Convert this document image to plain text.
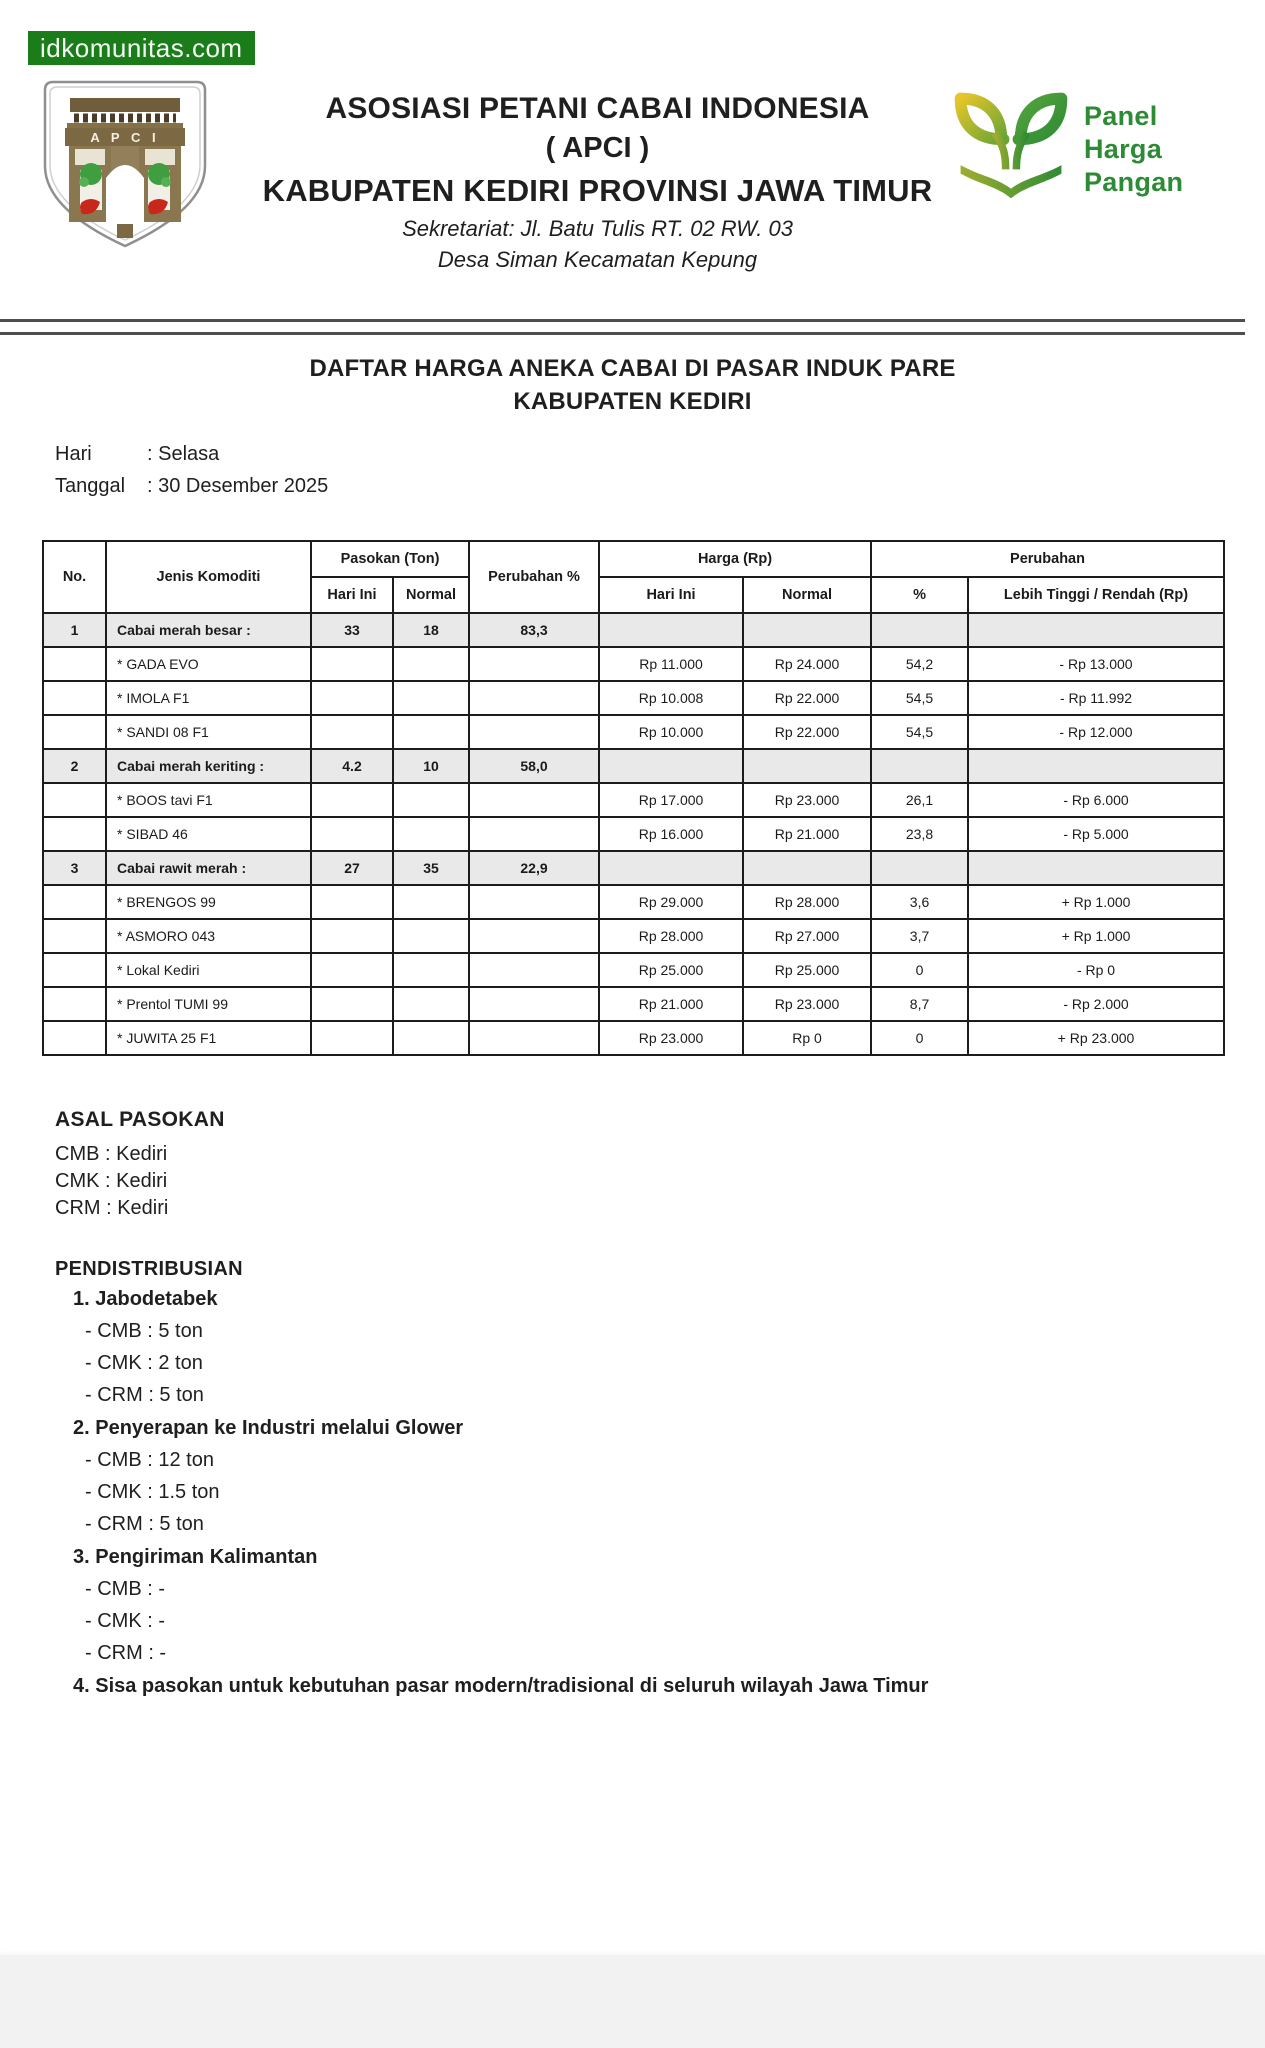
idkomunitas.com
A P C I
ASOSIASI PETANI CABAI INDONESIA
( APCI )
KABUPATEN KEDIRI PROVINSI JAWA TIMUR
Sekretariat: Jl. Batu Tulis RT. 02 RW. 03
Desa Siman Kecamatan Kepung
Panel
Harga
Pangan
DAFTAR HARGA ANEKA CABAI DI PASAR INDUK PARE
KABUPATEN KEDIRI
Hari	: Selasa
Tanggal : 30 Desember 2025
No.	Jenis Komoditi	Pasokan (Ton)		Perubahan %	Harga (Rp)		Perubahan	
		Hari Ini	Normal		Hari Ini	Normal	%	Lebih Tinggi / Rendah (Rp)
1	Cabai merah besar :	33	18	83,3				
	* GADA EVO				Rp 11.000	Rp 24.000	54,2	- Rp 13.000
	* IMOLA F1				Rp 10.008	Rp 22.000	54,5	- Rp 11.992
	* SANDI 08 F1				Rp 10.000	Rp 22.000	54,5	- Rp 12.000
2	Cabai merah keriting :	4.2	10	58,0				
	* BOOS tavi F1				Rp 17.000	Rp 23.000	26,1	- Rp 6.000
	* SIBAD 46				Rp 16.000	Rp 21.000	23,8	- Rp 5.000
3	Cabai rawit merah :	27	35	22,9				
	* BRENGOS 99				Rp 29.000	Rp 28.000	3,6	+ Rp 1.000
	* ASMORO 043				Rp 28.000	Rp 27.000	3,7	+ Rp 1.000
	* Lokal Kediri				Rp 25.000	Rp 25.000	0	- Rp 0
	* Prentol TUMI 99				Rp 21.000	Rp 23.000	8,7	- Rp 2.000
	* JUWITA 25 F1				Rp 23.000	Rp 0	0	+ Rp 23.000
ASAL PASOKAN
CMB : Kediri
CMK : Kediri
CRM : Kediri
PENDISTRIBUSIAN
1. Jabodetabek
- CMB : 5 ton
- CMK : 2 ton
- CRM : 5 ton
2. Penyerapan ke Industri melalui Glower
- CMB : 12 ton
- CMK : 1.5 ton
- CRM : 5 ton
3. Pengiriman Kalimantan
- CMB : -
- CMK : -
- CRM : -
4. Sisa pasokan untuk kebutuhan pasar modern/tradisional di seluruh wilayah Jawa Timur
